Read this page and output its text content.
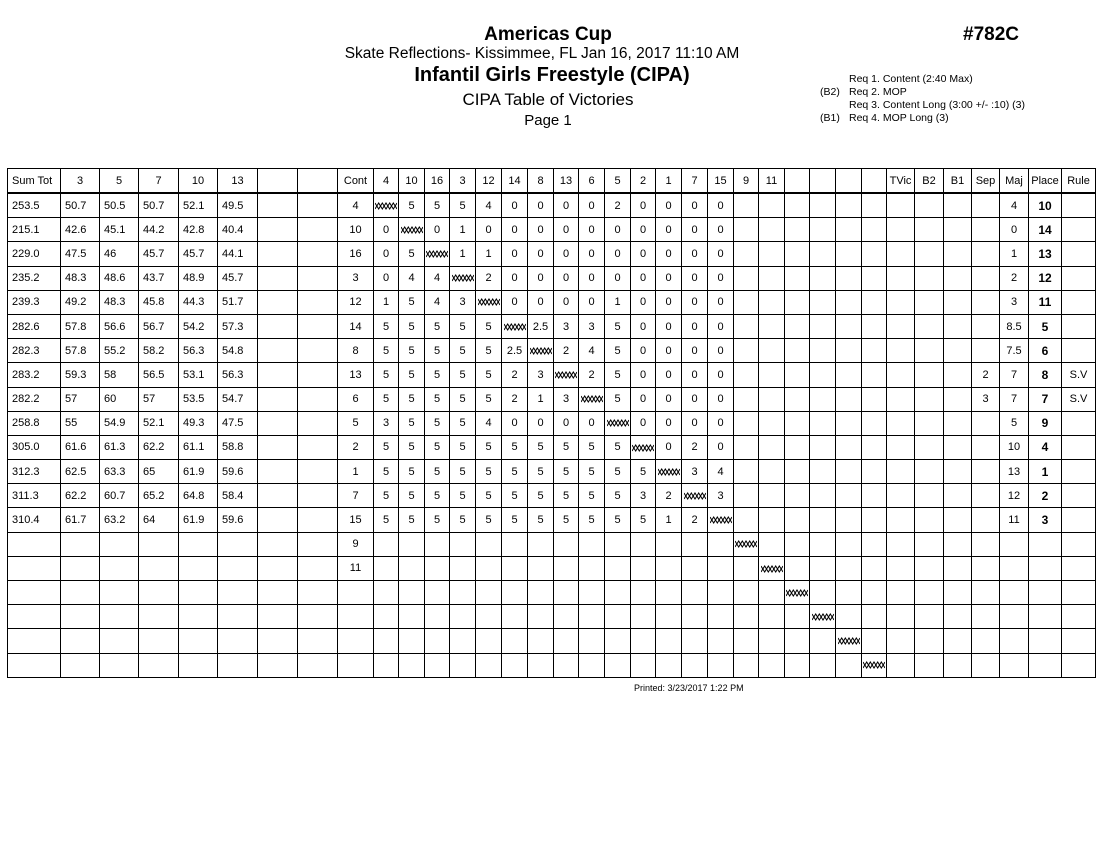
Americas Cup
Skate Reflections- Kissimmee, FL Jan 16, 2017 11:10 AM
Infantil Girls Freestyle (CIPA)
CIPA Table of Victories
Page 1
#782C
Req 1. Content (2:40 Max)
(B2) Req 2. MOP
Req 3. Content Long (3:00 +/- :10) (3)
(B1) Req 4. MOP Long (3)
Sum Tot	3	5	7	10	13			Cont	4	10	16	3	12	14	8	13	6	5	2	1	7	15	9	11					TVic	B2	B1	Sep	Maj	Place	Rule
253.5	50.7	50.5	50.7	52.1	49.5			4		5	5	5	4	0	0	0	0	2	0	0	0	0											4	10	
215.1	42.6	45.1	44.2	42.8	40.4			10	0		0	1	0	0	0	0	0	0	0	0	0	0											0	14	
229.0	47.5	46	45.7	45.7	44.1			16	0	5		1	1	0	0	0	0	0	0	0	0	0											1	13	
235.2	48.3	48.6	43.7	48.9	45.7			3	0	4	4		2	0	0	0	0	0	0	0	0	0											2	12	
239.3	49.2	48.3	45.8	44.3	51.7			12	1	5	4	3		0	0	0	0	1	0	0	0	0											3	11	
282.6	57.8	56.6	56.7	54.2	57.3			14	5	5	5	5	5		2.5	3	3	5	0	0	0	0											8.5	5	
282.3	57.8	55.2	58.2	56.3	54.8			8	5	5	5	5	5	2.5		2	4	5	0	0	0	0											7.5	6	
283.2	59.3	58	56.5	53.1	56.3			13	5	5	5	5	5	2	3		2	5	0	0	0	0										2	7	8	S.V
282.2	57	60	57	53.5	54.7			6	5	5	5	5	5	2	1	3		5	0	0	0	0										3	7	7	S.V
258.8	55	54.9	52.1	49.3	47.5			5	3	5	5	5	4	0	0	0	0		0	0	0	0											5	9	
305.0	61.6	61.3	62.2	61.1	58.8			2	5	5	5	5	5	5	5	5	5	5		0	2	0											10	4	
312.3	62.5	63.3	65	61.9	59.6			1	5	5	5	5	5	5	5	5	5	5	5		3	4											13	1	
311.3	62.2	60.7	65.2	64.8	58.4			7	5	5	5	5	5	5	5	5	5	5	3	2		3											12	2	
310.4	61.7	63.2	64	61.9	59.6			15	5	5	5	5	5	5	5	5	5	5	5	1	2												11	3	
								9																											
								11																											

Printed: 3/23/2017 1:22 PM
